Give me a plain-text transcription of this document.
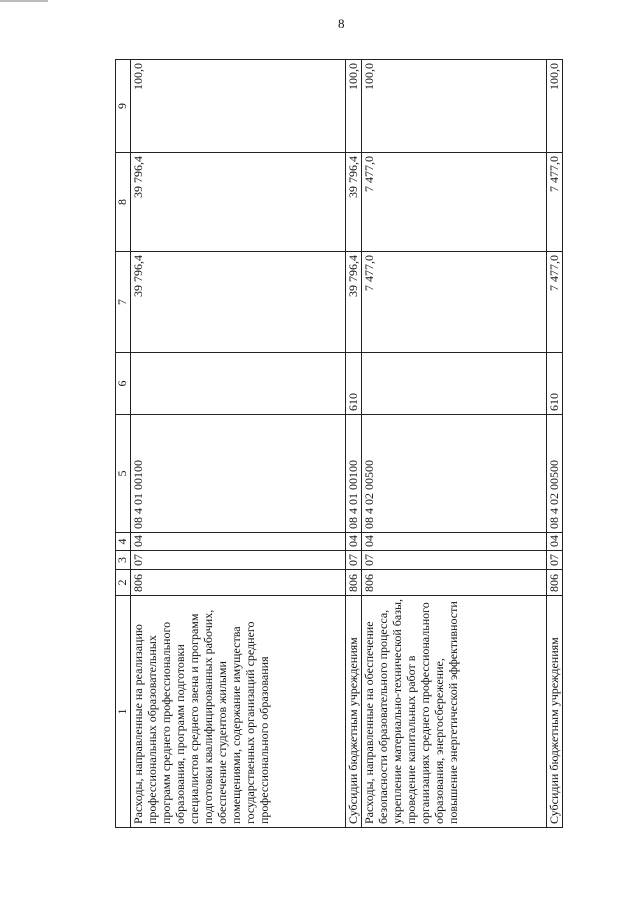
8
1	2	3	4	5	6	7	8	9
Расходы, направленные на реализацию профессиональных образовательных программ среднего профессионального образования, программ подготовки специалистов среднего звена и программ подготовки квалифицированных рабочих, обеспечение студентов жилыми помещениями, содержание имущества государственных организаций среднего профессионального образования	806	07	04	08 4 01 00100		39 796,4	39 796,4	100,0
Субсидии бюджетным учреждениям	806	07	04	08 4 01 00100	610	39 796,4	39 796,4	100,0
Расходы, направленные на обеспечение безопасности образовательного процесса, укрепление материально-технической базы, проведение капитальных работ в организациях среднего профессионального образования, энергосбережение, повышение энергетической эффективности	806	07	04	08 4 02 00500		7 477,0	7 477,0	100,0
Субсидии бюджетным учреждениям	806	07	04	08 4 02 00500	610	7 477,0	7 477,0	100,0
